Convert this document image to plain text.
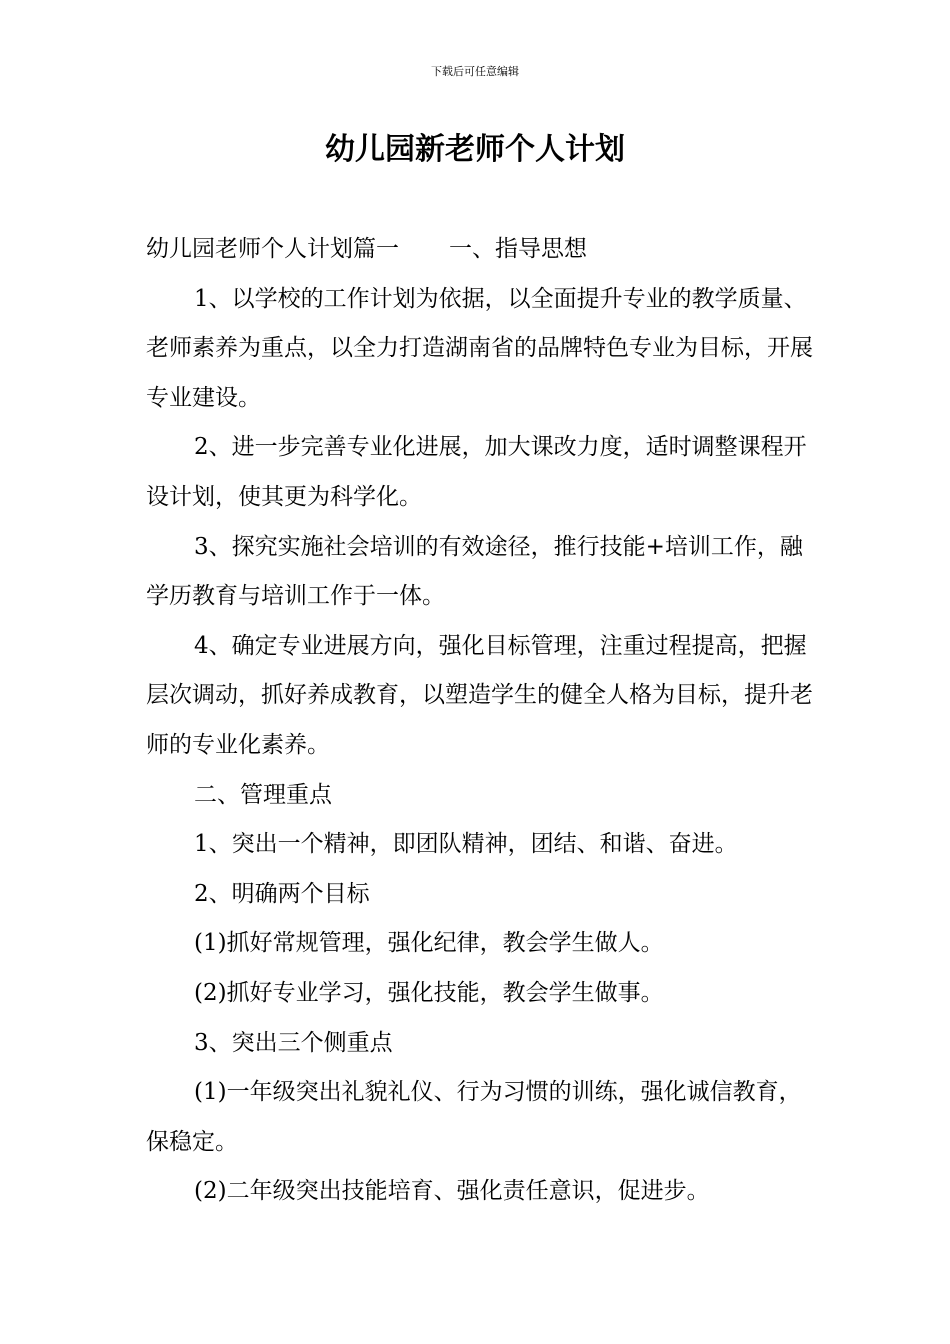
下载后可任意编辑
幼儿园新老师个人计划

幼儿园老师个人计划篇一 一、指导思想

1、以学校的工作计划为依据，以全面提升专业的教学质量、老师素养为重点，以全力打造湖南省的品牌特色专业为目标，开展专业建设。

2、进一步完善专业化进展，加大课改力度，适时调整课程开设计划，使其更为科学化。

3、探究实施社会培训的有效途径，推行技能+培训工作，融学历教育与培训工作于一体。

4、确定专业进展方向，强化目标管理，注重过程提高，把握层次调动，抓好养成教育，以塑造学生的健全人格为目标，提升老师的专业化素养。

二、管理重点

1、突出一个精神，即团队精神，团结、和谐、奋进。

2、明确两个目标

(1)抓好常规管理，强化纪律，教会学生做人。

(2)抓好专业学习，强化技能，教会学生做事。

3、突出三个侧重点

(1)一年级突出礼貌礼仪、行为习惯的训练，强化诚信教育，保稳定。

(2)二年级突出技能培育、强化责任意识，促进步。
